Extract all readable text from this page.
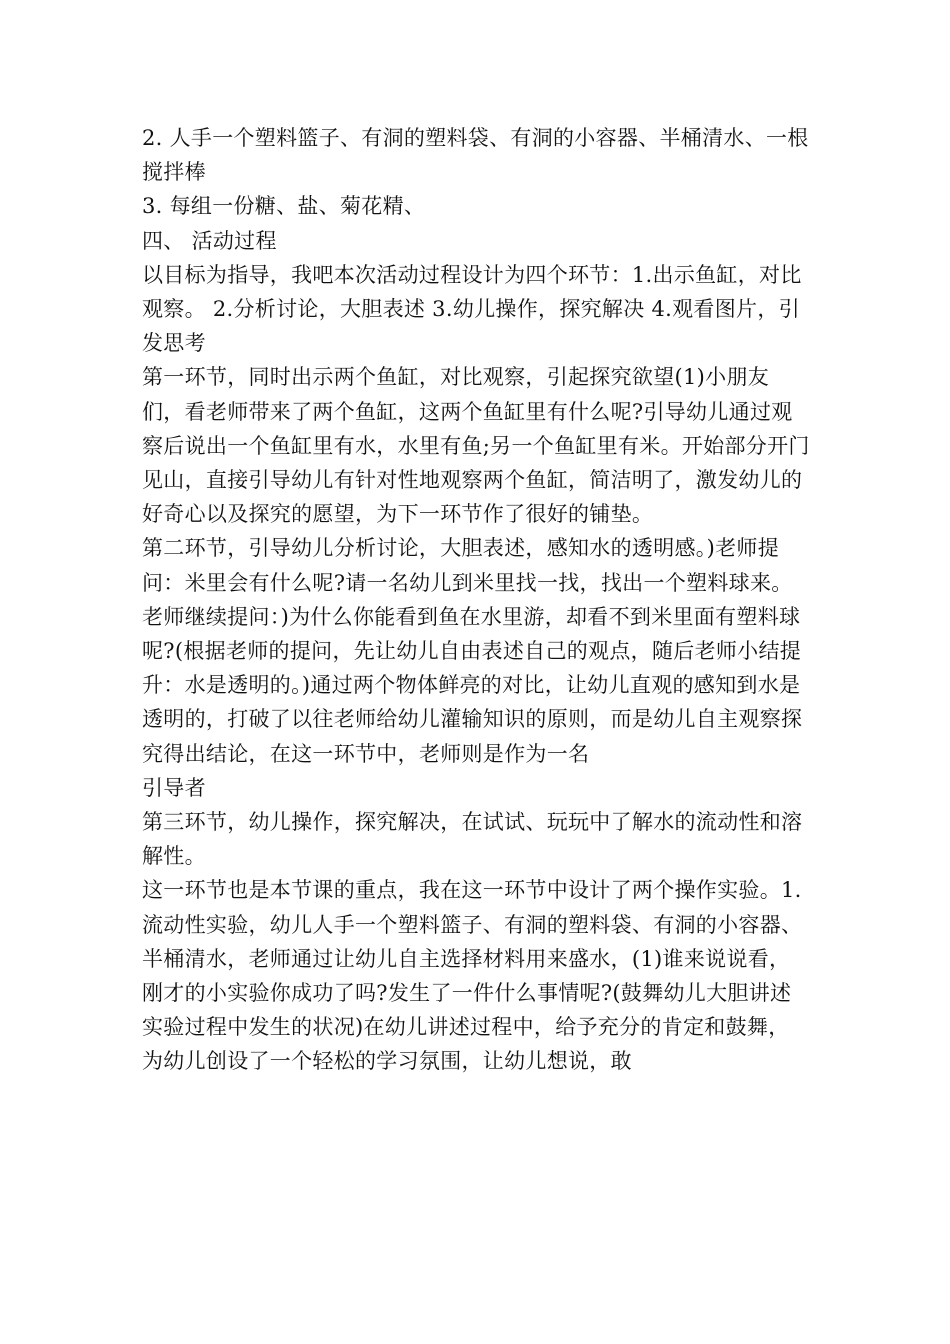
2. 人手一个塑料篮子、有洞的塑料袋、有洞的小容器、半桶清水、一根搅拌棒

3. 每组一份糖、盐、菊花精、

四、 活动过程

以目标为指导，我吧本次活动过程设计为四个环节：1.出示鱼缸，对比观察。 2.分析讨论，大胆表述 3.幼儿操作，探究解决 4.观看图片，引发思考

第一环节，同时出示两个鱼缸，对比观察，引起探究欲望(1)小朋友们，看老师带来了两个鱼缸，这两个鱼缸里有什么呢?引导幼儿通过观察后说出一个鱼缸里有水，水里有鱼;另一个鱼缸里有米。开始部分开门见山，直接引导幼儿有针对性地观察两个鱼缸，简洁明了，激发幼儿的好奇心以及探究的愿望，为下一环节作了很好的铺垫。

第二环节，引导幼儿分析讨论，大胆表述，感知水的透明感。)老师提问：米里会有什么呢?请一名幼儿到米里找一找，找出一个塑料球来。老师继续提问：)为什么你能看到鱼在水里游，却看不到米里面有塑料球呢?(根据老师的提问，先让幼儿自由表述自己的观点，随后老师小结提升：水是透明的。)通过两个物体鲜亮的对比，让幼儿直观的感知到水是透明的，打破了以往老师给幼儿灌输知识的原则，而是幼儿自主观察探究得出结论，在这一环节中，老师则是作为一名

引导者

第三环节，幼儿操作，探究解决，在试试、玩玩中了解水的流动性和溶解性。

这一环节也是本节课的重点，我在这一环节中设计了两个操作实验。1.流动性实验，幼儿人手一个塑料篮子、有洞的塑料袋、有洞的小容器、半桶清水，老师通过让幼儿自主选择材料用来盛水，(1)谁来说说看，刚才的小实验你成功了吗?发生了一件什么事情呢?(鼓舞幼儿大胆讲述实验过程中发生的状况)在幼儿讲述过程中，给予充分的肯定和鼓舞，为幼儿创设了一个轻松的学习氛围，让幼儿想说，敢
